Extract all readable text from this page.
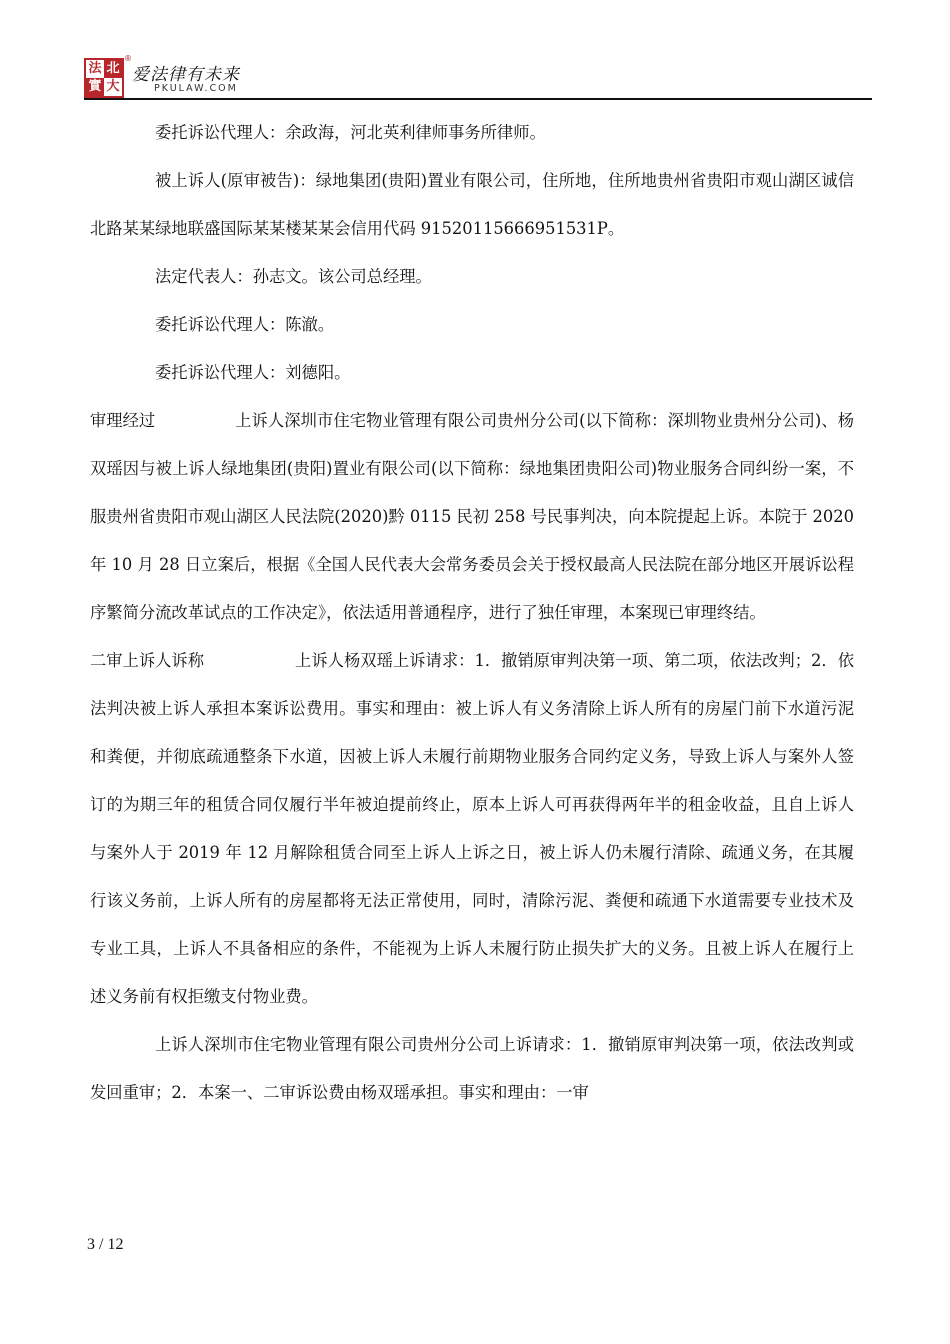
法 北
實 大
®
爱法律有未来
PKULAW.COM

委托诉讼代理人：余政海，河北英利律师事务所律师。

被上诉人(原审被告)：绿地集团(贵阳)置业有限公司，住所地，住所地贵州省贵阳市观山湖区诚信北路某某绿地联盛国际某某楼某某会信用代码 91520115666951531P。

法定代表人：孙志文。该公司总经理。

委托诉讼代理人：陈澈。

委托诉讼代理人：刘德阳。

审理经过	上诉人深圳市住宅物业管理有限公司贵州分公司(以下简称：深圳物业贵州分公司)、杨双瑶因与被上诉人绿地集团(贵阳)置业有限公司(以下简称：绿地集团贵阳公司)物业服务合同纠纷一案，不服贵州省贵阳市观山湖区人民法院(2020)黔 0115 民初 258 号民事判决，向本院提起上诉。本院于 2020 年 10 月 28 日立案后，根据《全国人民代表大会常务委员会关于授权最高人民法院在部分地区开展诉讼程序繁简分流改革试点的工作决定》，依法适用普通程序，进行了独任审理，本案现已审理终结。

二审上诉人诉称	上诉人杨双瑶上诉请求：1．撤销原审判决第一项、第二项，依法改判；2．依法判决被上诉人承担本案诉讼费用。事实和理由：被上诉人有义务清除上诉人所有的房屋门前下水道污泥和粪便，并彻底疏通整条下水道，因被上诉人未履行前期物业服务合同约定义务，导致上诉人与案外人签订的为期三年的租赁合同仅履行半年被迫提前终止，原本上诉人可再获得两年半的租金收益，且自上诉人与案外人于 2019 年 12 月解除租赁合同至上诉人上诉之日，被上诉人仍未履行清除、疏通义务，在其履行该义务前，上诉人所有的房屋都将无法正常使用，同时，清除污泥、粪便和疏通下水道需要专业技术及专业工具，上诉人不具备相应的条件，不能视为上诉人未履行防止损失扩大的义务。且被上诉人在履行上述义务前有权拒缴支付物业费。

上诉人深圳市住宅物业管理有限公司贵州分公司上诉请求：1．撤销原审判决第一项，依法改判或发回重审；2．本案一、二审诉讼费由杨双瑶承担。事实和理由：一审

3 / 12
